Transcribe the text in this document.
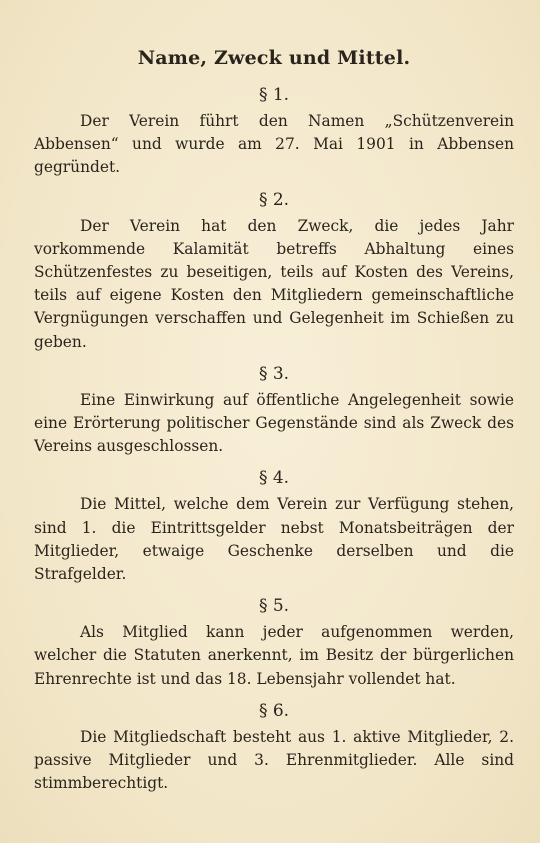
Name, Zweck und Mittel.
§ 1.

Der Verein führt den Namen „Schützenverein Abbensen“ und wurde am 27. Mai 1901 in Abbensen gegründet.

§ 2.

Der Verein hat den Zweck, die jedes Jahr vorkommende Kalamität betreffs Abhaltung eines Schützenfestes zu beseitigen, teils auf Kosten des Vereins, teils auf eigene Kosten den Mitgliedern gemeinschaftliche Vergnügungen verschaffen und Gelegenheit im Schießen zu geben.

§ 3.

Eine Einwirkung auf öffentliche Angelegenheit sowie eine Erörterung politischer Gegenstände sind als Zweck des Vereins ausgeschlossen.

§ 4.

Die Mittel, welche dem Verein zur Verfügung stehen, sind 1. die Eintrittsgelder nebst Monatsbeiträgen der Mitglieder, etwaige Geschenke derselben und die Strafgelder.

§ 5.

Als Mitglied kann jeder aufgenommen werden, welcher die Statuten anerkennt, im Besitz der bürgerlichen Ehrenrechte ist und das 18. Lebensjahr vollendet hat.

§ 6.

Die Mitgliedschaft besteht aus 1. aktive Mitglieder, 2. passive Mitglieder und 3. Ehrenmitglieder. Alle sind stimmberechtigt.
